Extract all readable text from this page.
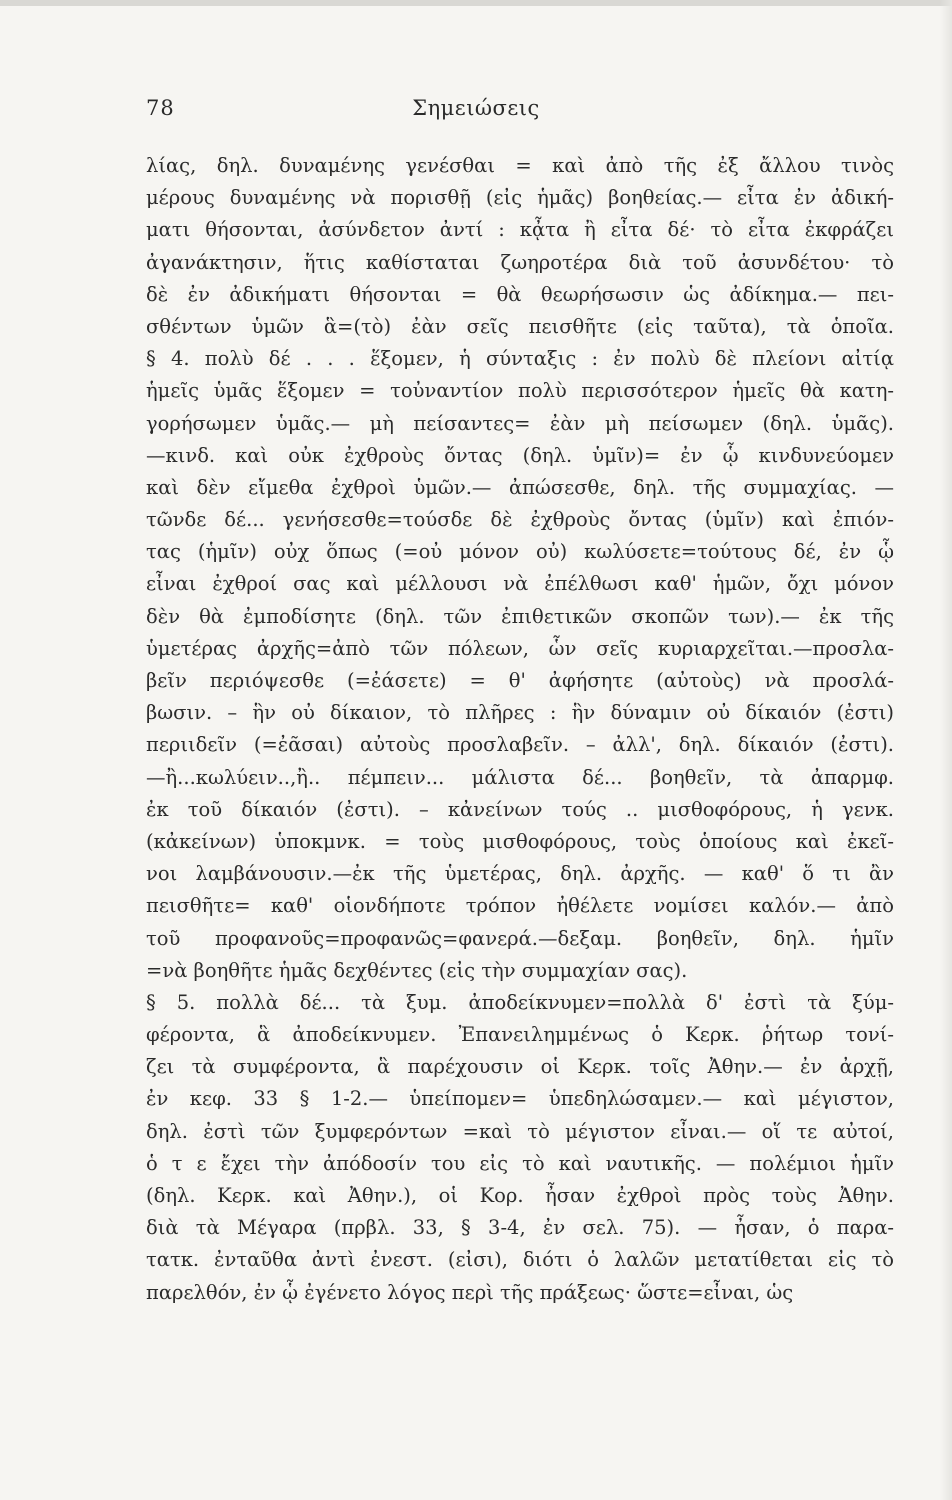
78	Σημειώσεις
λίας, δηλ. δυναμένης γενέσθαι = καὶ ἀπὸ τῆς ἐξ ἄλλου τινὸς
μέρους δυναμένης νὰ πορισθῇ (εἰς ἡμᾶς) βοηθείας.— εἶτα ἐν ἀδική-
ματι θήσονται, ἀσύνδετον ἀντί : κᾆτα ἢ εἶτα δέ· τὸ εἶτα ἐκφράζει
ἀγανάκτησιν, ἥτις καθίσταται ζωηροτέρα διὰ τοῦ ἀσυνδέτου· τὸ
δὲ ἐν ἀδικήματι θήσονται = θὰ θεωρήσωσιν ὡς ἀδίκημα.— πει-
σθέντων ὑμῶν ἃ=(τὸ) ἐὰν σεῖς πεισθῆτε (εἰς ταῦτα), τὰ ὁποῖα.
§ 4. πολὺ δέ . . . ἕξομεν, ἡ σύνταξις : ἐν πολὺ δὲ πλείονι αἰτίᾳ
ἡμεῖς ὑμᾶς ἕξομεν = τοὐναντίον πολὺ περισσότερον ἡμεῖς θὰ κατη-
γορήσωμεν ὑμᾶς.— μὴ πείσαντες= ἐὰν μὴ πείσωμεν (δηλ. ὑμᾶς).
—κινδ. καὶ οὐκ ἐχθροὺς ὄντας (δηλ. ὑμῖν)= ἐν ᾧ κινδυνεύομεν
καὶ δὲν εἴμεθα ἐχθροὶ ὑμῶν.— ἀπώσεσθε, δηλ. τῆς συμμαχίας. —
τῶνδε δέ... γενήσεσθε=τούσδε δὲ ἐχθροὺς ὄντας (ὑμῖν) καὶ ἐπιόν-
τας (ἡμῖν) οὐχ ὅπως (=οὐ μόνον οὐ) κωλύσετε=τούτους δέ, ἐν ᾧ
εἶναι ἐχθροί σας καὶ μέλλουσι νὰ ἐπέλθωσι καθ' ἡμῶν, ὄχι μόνον
δὲν θὰ ἐμποδίσητε (δηλ. τῶν ἐπιθετικῶν σκοπῶν των).— ἐκ τῆς
ὑμετέρας ἀρχῆς=ἀπὸ τῶν πόλεων, ὧν σεῖς κυριαρχεῖται.—προσλα-
βεῖν περιόψεσθε (=ἐάσετε) = θ' ἀφήσητε (αὐτοὺς) νὰ προσλά-
βωσιν. – ἣν οὐ δίκαιον, τὸ πλῆρες : ἣν δύναμιν οὐ δίκαιόν (ἐστι)
περιιδεῖν (=ἐᾶσαι) αὐτοὺς προσλαβεῖν. – ἀλλ', δηλ. δίκαιόν (ἐστι).
—ἢ...κωλύειν..,ἢ.. πέμπειν... μάλιστα δέ... βοηθεῖν, τὰ ἀπαρμφ.
ἐκ τοῦ δίκαιόν (ἐστι). – κἀνείνων τούς .. μισθοφόρους, ἡ γενκ.
(κἀκείνων) ὑποκμνκ. = τοὺς μισθοφόρους, τοὺς ὁποίους καὶ ἐκεῖ-
νοι λαμβάνουσιν.—ἐκ τῆς ὑμετέρας, δηλ. ἀρχῆς. — καθ' ὅ τι ἂν
πεισθῆτε= καθ' οἱονδήποτε τρόπον ἠθέλετε νομίσει καλόν.— ἀπὸ
τοῦ προφανοῦς=προφανῶς=φανερά.—δεξαμ. βοηθεῖν, δηλ. ἡμῖν
=νὰ βοηθῆτε ἡμᾶς δεχθέντες (εἰς τὴν συμμαχίαν σας).
§ 5. πολλὰ δέ... τὰ ξυμ. ἀποδείκνυμεν=πολλὰ δ' ἐστὶ τὰ ξύμ-
φέροντα, ἃ ἀποδείκνυμεν. Ἐπανειλημμένως ὁ Κερκ. ῥήτωρ τονί-
ζει τὰ συμφέροντα, ἃ παρέχουσιν οἱ Κερκ. τοῖς Ἀθην.— ἐν ἀρχῇ,
ἐν κεφ. 33 § 1-2.— ὑπείπομεν= ὑπεδηλώσαμεν.— καὶ μέγιστον,
δηλ. ἐστὶ τῶν ξυμφερόντων =καὶ τὸ μέγιστον εἶναι.— οἵ τε αὐτοί,
ὁ τ ε ἔχει τὴν ἀπόδοσίν του εἰς τὸ καὶ ναυτικῆς. — πολέμιοι ἡμῖν
(δηλ. Κερκ. καὶ Ἀθην.), οἱ Κορ. ἦσαν ἐχθροὶ πρὸς τοὺς Ἀθην.
διὰ τὰ Μέγαρα (πρβλ. 33, § 3-4, ἐν σελ. 75). — ἦσαν, ὁ παρα-
τατκ. ἐνταῦθα ἀντὶ ἐνεστ. (εἰσι), διότι ὁ λαλῶν μετατίθεται εἰς τὸ
παρελθόν, ἐν ᾧ ἐγένετο λόγος περὶ τῆς πράξεως· ὥστε=εἶναι, ὡς
